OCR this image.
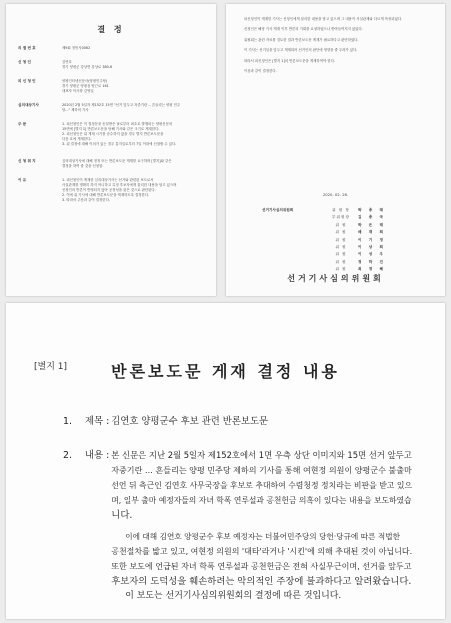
결 정
의 결 번 호	제9회 정민사0062
신 청 인	김연호
경기 양평군 강상면 강상로 380-6
피 신 청 인	양평인터넷신문사(양평민주당)
경기 양평군 양평읍 양근로 161
대표자 이사장 김영일
심의대상기사	2020년 2월 5일자 제152호 15면 "선거 앞두고 자중기란 -- 흔들리는 양평 민주
당..." 제하의 기사
주 문	1. 피신청인은 이 결정문을 송달받은 날로부터 최초로 발행되는 양평신문의
15면에 [별지 1] 반론보도문을 당해 기사와 같은 크기로 게재한다.
2. 피신청인은 위 게재 시기를 준수하지 않을 경우 별지 반론보도문을
다음 호에 게재한다.
3. 위 결정에 대해 이의가 있는 경우 통지일로부터 7일 이내에 신청할 수 있다.
신 청 취 지	심의대상기사에 대해 정정 또는 반론보도문 게재를 요구하며 [별지]와 같은
결정을 하여 줄 것을 신청함.
이 유	1. 피신청인이 게재한 심의대상기사는 선거와 관련된 보도로서
사실관계를 명확히 하지 아니하고 특정 후보자에게 불리한 내용을 담고 있으며
신청인의 반론이 반영되지 않아 공정성을 잃은 것으로 판단된다.
2. 이에 위 기사에 대해 반론보도문을 게재하도록 결정한다.
3. 따라서 주문과 같이 결정한다.

피신청인이 게재한 기사는 신청인에게 불리한 내용을 담고 있으며 그 내용이 사실관계와 다르게 작성되었다.

신청인은 해당 기사 게재 이후 반론의 기회를 요청하였으나 받아들여지지 않았다.

위원회는 관련 자료를 검토한 결과 반론보도문 게재가 필요하다고 판단하였다.

이 기사는 선거일을 앞두고 게재되어 선거인의 판단에 영향을 줄 우려가 있다.

따라서 피신청인은 [별지 1]의 반론보도문을 게재하여야 한다.

이상과 같이 결정한다.

2020. 02. 26.
선거기사심의위원회	위 원 장	박 종 래
부위원장	김 종 국
위 원	박 은 태
위 원	배 재 희
위 원	이 기 정
위 원	이 상 희
위 원	이 성 우
위 원	정 하 진
위 원	최 경 혜
선거기사심의위원회
[별지 1]	반론보도문 게재 결정 내용
1.	제목 : 김연호 양평군수 후보 관련 반론보도문
2.	내용 : 본 신문은 지난 2월 5일자 제152호에서 1면 우측 상단 이미지와 15면 선거 앞두고
자중기란 … 흔들리는 양평 민주당 제하의 기사를 통해 여현정 의원이 양평군수 불출마
선언 뒤 측근인 김연호 사무국장을 후보로 추대하여 수렴청정 정치라는 비판을 받고 있으
며, 일부 출마 예정자들의 자녀 학폭 연루설과 공천헌금 의혹이 있다는 내용을 보도하였습
니다.
이에 대해 김연호 양평군수 후보 예정자는 더불어민주당의 당헌·당규에 따른 적법한
공천절차를 밟고 있고, 여현정 의원의 '대타'라거나 '시킨'에 의해 추대된 것이 아닙니다.
또한 보도에 언급된 자녀 학폭 연루설과 공천헌금은 전혀 사실무근이며, 선거를 앞두고
후보자의 도덕성을 훼손하려는 악의적인 주장에 불과하다고 알려왔습니다.
이 보도는 선거기사심의위원회의 결정에 따른 것입니다.
